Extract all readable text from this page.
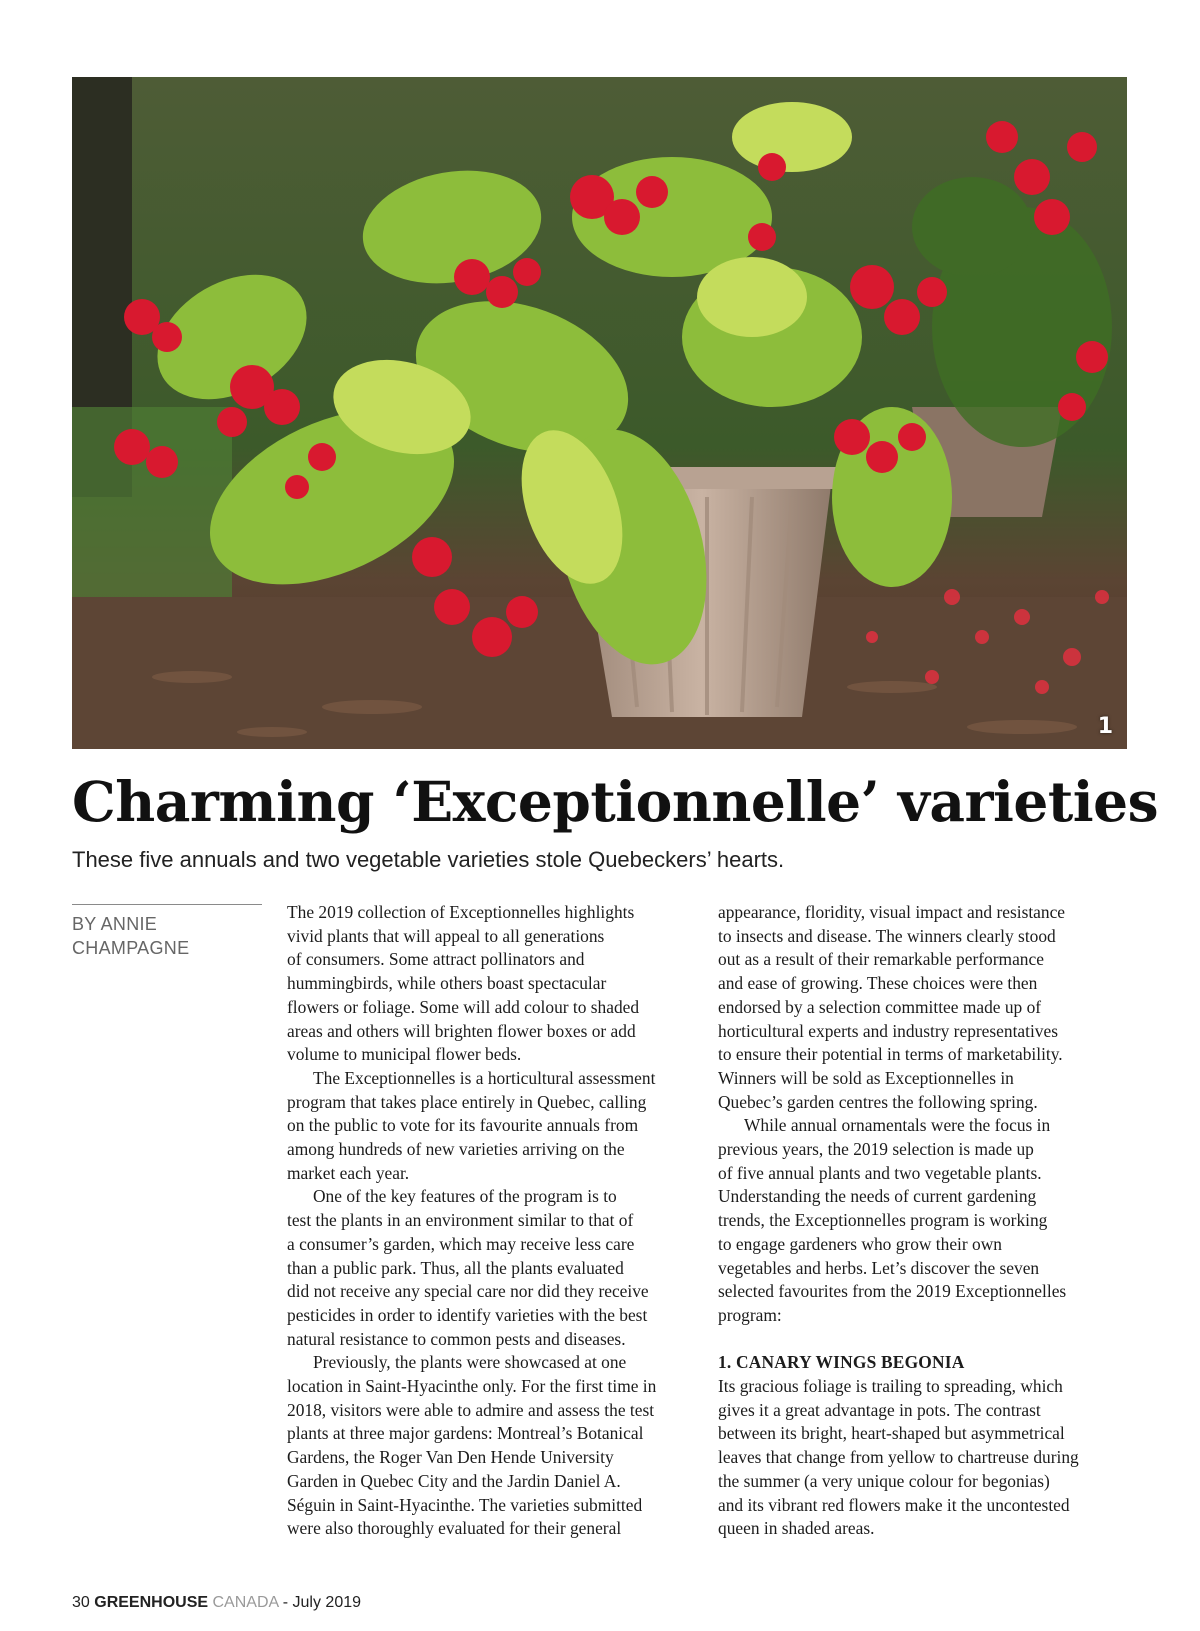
1
Charming ‘Exceptionnelle’ varieties

These five annuals and two vegetable varieties stole Quebeckers’ hearts.

BY ANNIE
CHAMPAGNE

The 2019 collection of Exceptionnelles highlights

vivid plants that will appeal to all generations

of consumers. Some attract pollinators and

hummingbirds, while others boast spectacular

flowers or foliage. Some will add colour to shaded

areas and others will brighten flower boxes or add

volume to municipal flower beds.

The Exceptionnelles is a horticultural assessment

program that takes place entirely in Quebec, calling

on the public to vote for its favourite annuals from

among hundreds of new varieties arriving on the

market each year.

One of the key features of the program is to

test the plants in an environment similar to that of

a consumer’s garden, which may receive less care

than a public park. Thus, all the plants evaluated

did not receive any special care nor did they receive

pesticides in order to identify varieties with the best

natural resistance to common pests and diseases.

Previously, the plants were showcased at one

location in Saint-Hyacinthe only. For the first time in

2018, visitors were able to admire and assess the test

plants at three major gardens: Montreal’s Botanical

Gardens, the Roger Van Den Hende University

Garden in Quebec City and the Jardin Daniel A.

Séguin in Saint-Hyacinthe. The varieties submitted

were also thoroughly evaluated for their general

appearance, floridity, visual impact and resistance

to insects and disease. The winners clearly stood

out as a result of their remarkable performance

and ease of growing. These choices were then

endorsed by a selection committee made up of

horticultural experts and industry representatives

to ensure their potential in terms of marketability.

Winners will be sold as Exceptionnelles in

Quebec’s garden centres the following spring.

While annual ornamentals were the focus in

previous years, the 2019 selection is made up

of five annual plants and two vegetable plants.

Understanding the needs of current gardening

trends, the Exceptionnelles program is working

to engage gardeners who grow their own

vegetables and herbs. Let’s discover the seven

selected favourites from the 2019 Exceptionnelles

program:

1. CANARY WINGS BEGONIA

Its gracious foliage is trailing to spreading, which

gives it a great advantage in pots. The contrast

between its bright, heart-shaped but asymmetrical

leaves that change from yellow to chartreuse during

the summer (a very unique colour for begonias)

and its vibrant red flowers make it the uncontested

queen in shaded areas.

30 GREENHOUSE CANADA - July 2019
